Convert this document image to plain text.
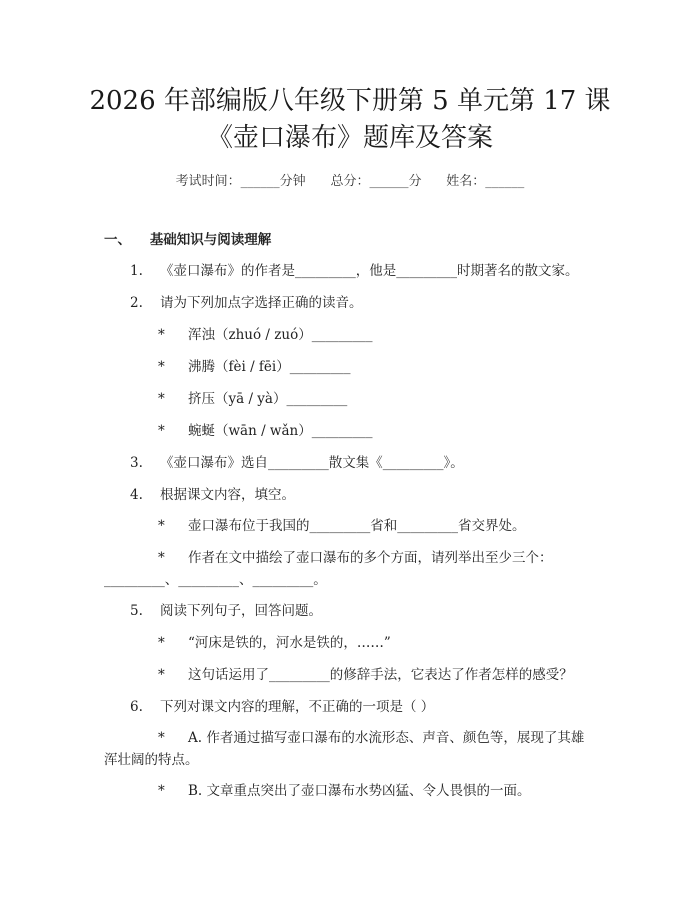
2026 年部编版八年级下册第 5 单元第 17 课
《壶口瀑布》题库及答案
考试时间：______分钟 总分：______分 姓名：______
一、 基础知识与阅读理解
1. 《壶口瀑布》的作者是_________，他是_________时期著名的散文家。
2. 请为下列加点字选择正确的读音。
* 浑浊（zhuó / zuó）_________
* 沸腾（fèi / fēi）_________
* 挤压（yā / yà）_________
* 蜿蜒（wān / wǎn）_________
3. 《壶口瀑布》选自_________散文集《_________》。
4. 根据课文内容，填空。
* 壶口瀑布位于我国的_________省和_________省交界处。
* 作者在文中描绘了壶口瀑布的多个方面，请列举出至少三个：
_________、_________、_________。
5. 阅读下列句子，回答问题。
* “河床是铁的，河水是铁的，……”
* 这句话运用了_________的修辞手法，它表达了作者怎样的感受？
6. 下列对课文内容的理解，不正确的一项是（ ）
* A. 作者通过描写壶口瀑布的水流形态、声音、颜色等，展现了其雄
浑壮阔的特点。
* B. 文章重点突出了壶口瀑布水势凶猛、令人畏惧的一面。
